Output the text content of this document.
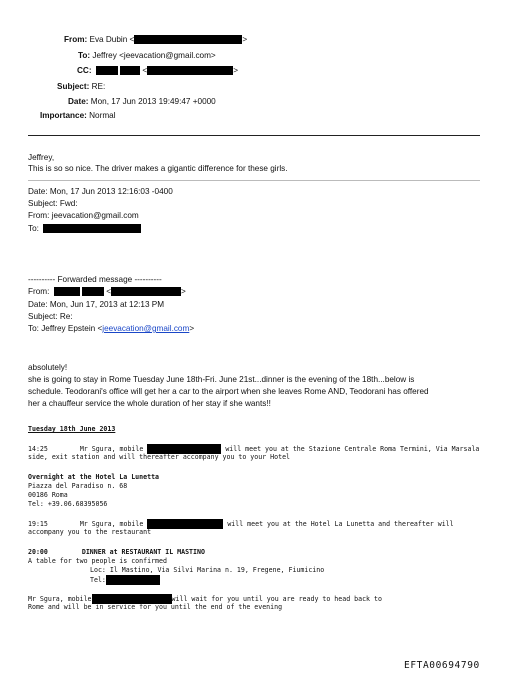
From: Eva Dubin <	>
To: Jeffrey <jeevacation@gmail.com>
CC:	<	>
Subject: RE:
Date: Mon, 17 Jun 2013 19:49:47 +0000
Importance: Normal
Jeffrey,
This is so so nice. The driver makes a gigantic difference for these girls.
Date: Mon, 17 Jun 2013 12:16:03 -0400
Subject: Fwd:
From: jeevacation@gmail.com
To:
---------- Forwarded message ----------
From:	<	>
Date: Mon, Jun 17, 2013 at 12:13 PM
Subject: Re:
To: Jeffrey Epstein <jeevacation@gmail.com>
absolutely!
she is going to stay in Rome Tuesday June 18th-Fri. June 21st...dinner is the evening of the 18th...below is
schedule. Teodorani's office will get her a car to the airport when she leaves Rome AND, Teodorani has offered
her a chauffeur service the whole duration of her stay if she wants!!
Tuesday 18th June 2013
14:25	Mr Sgura, mobile	will meet you at the Stazione Centrale Roma Termini, Via Marsala
side, exit station and will thereafter accompany you to your Hotel
Overnight at the Hotel La Lunetta
Piazza del Paradiso n. 68
00186 Roma
Tel: +39.06.68395056
19:15	Mr Sgura, mobile	will meet you at the Hotel La Lunetta and thereafter will
accompany you to the restaurant
20:00	DINNER at RESTAURANT IL MASTINO
A table for two people is confirmed
Loc: Il Mastino, Via Silvi Marina n. 19, Fregene, Fiumicino
Tel:
Mr Sgura, mobile	will wait for you until you are ready to head back to
Rome and will be in service for you until the end of the evening
EFTA00694790
